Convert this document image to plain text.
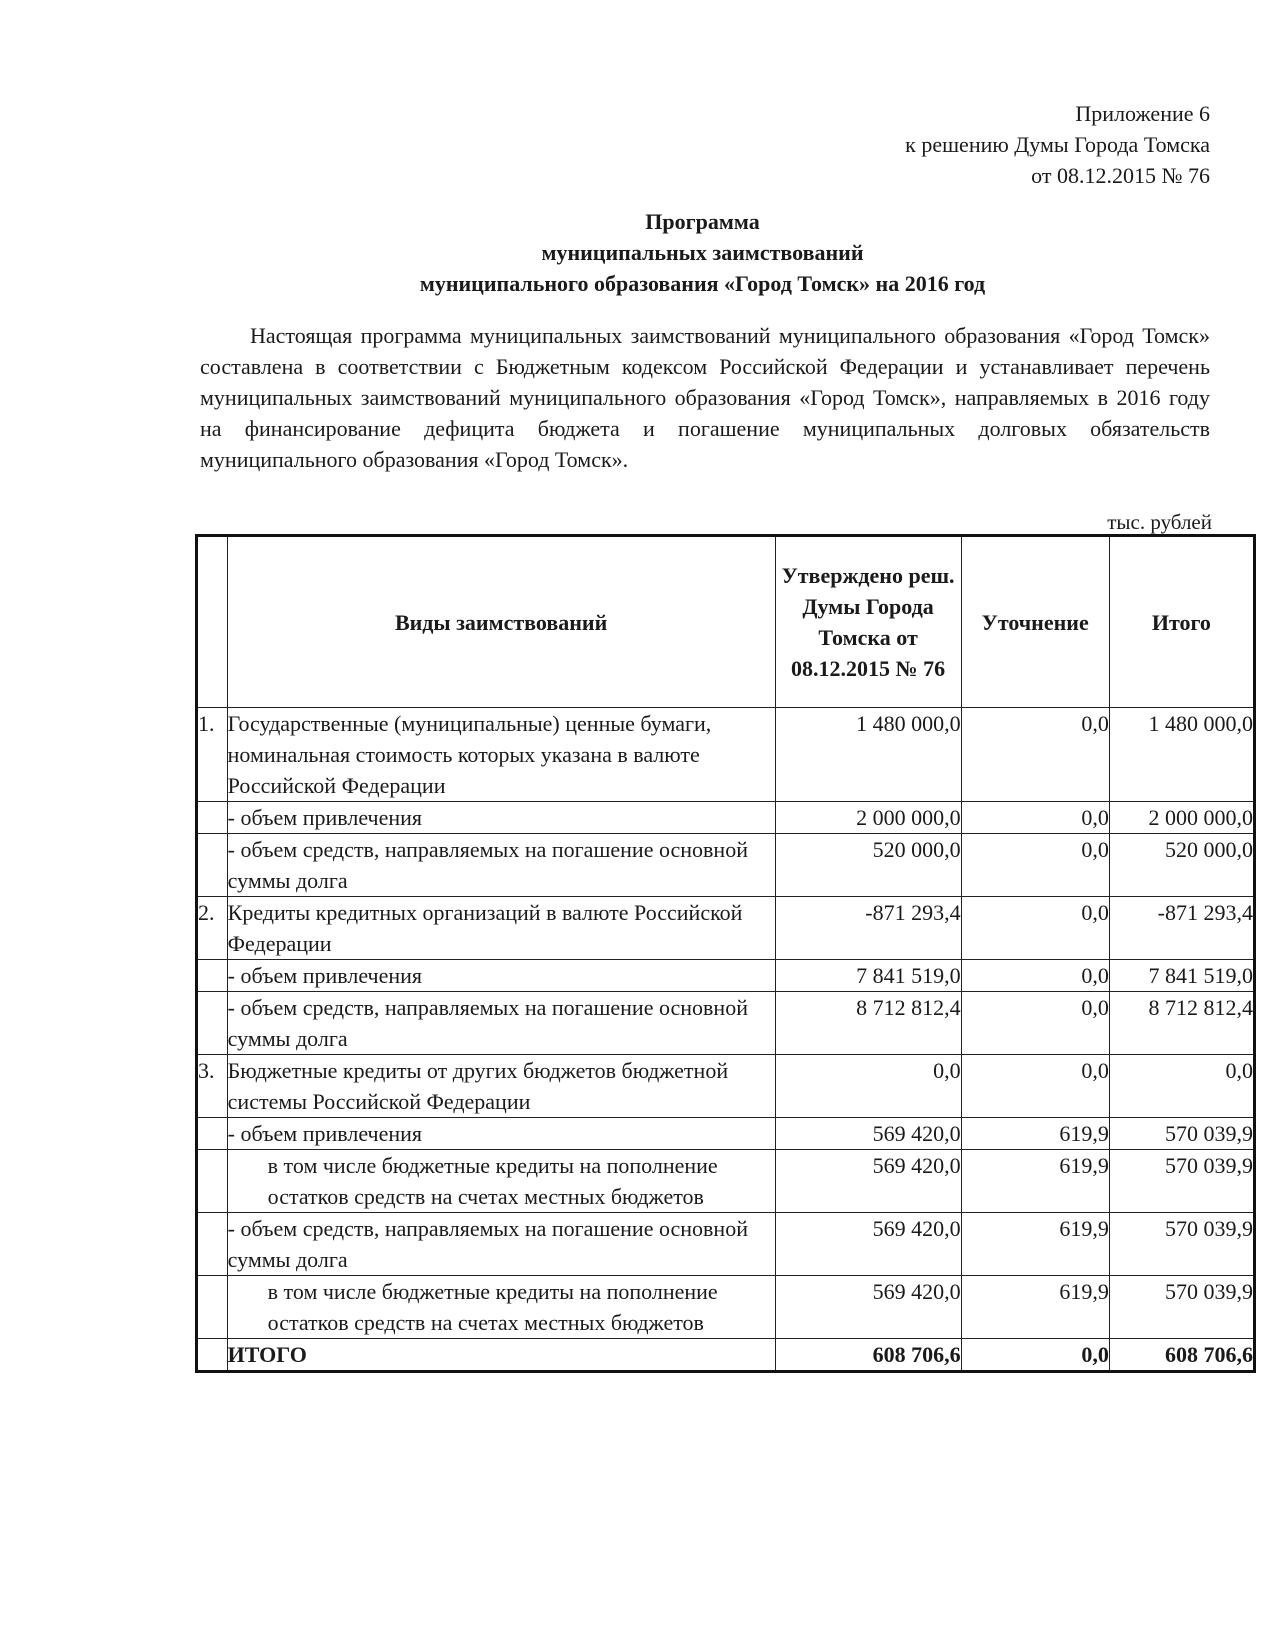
Приложение 6
к решению Думы Города Томска
от 08.12.2015 № 76
Программа
муниципальных заимствований
муниципального образования «Город Томск» на 2016 год

Настоящая программа муниципальных заимствований муниципального образования «Город Томск» составлена в соответствии с Бюджетным кодексом Российской Федерации и устанавливает перечень муниципальных заимствований муниципального образования «Город Томск», направляемых в 2016 году на финансирование дефицита бюджета и погашение муниципальных долговых обязательств муниципального образования «Город Томск».

тыс. рублей
	Виды заимствований	Утверждено реш. Думы Города Томска от 08.12.2015 № 76	Уточнение	Итого
1.	Государственные (муниципальные) ценные бумаги, номинальная стоимость которых указана в валюте Российской Федерации	1 480 000,0	0,0	1 480 000,0
	- объем привлечения	2 000 000,0	0,0	2 000 000,0
	- объем средств, направляемых на погашение основной суммы долга	520 000,0	0,0	520 000,0
2.	Кредиты кредитных организаций в валюте Российской Федерации	-871 293,4	0,0	-871 293,4
	- объем привлечения	7 841 519,0	0,0	7 841 519,0
	- объем средств, направляемых на погашение основной суммы долга	8 712 812,4	0,0	8 712 812,4
3.	Бюджетные кредиты от других бюджетов бюджетной системы Российской Федерации	0,0	0,0	0,0
	- объем привлечения	569 420,0	619,9	570 039,9
	в том числе бюджетные кредиты на пополнение остатков средств на счетах местных бюджетов	569 420,0	619,9	570 039,9
	- объем средств, направляемых на погашение основной суммы долга	569 420,0	619,9	570 039,9
	в том числе бюджетные кредиты на пополнение остатков средств на счетах местных бюджетов	569 420,0	619,9	570 039,9
	ИТОГО	608 706,6	0,0	608 706,6
